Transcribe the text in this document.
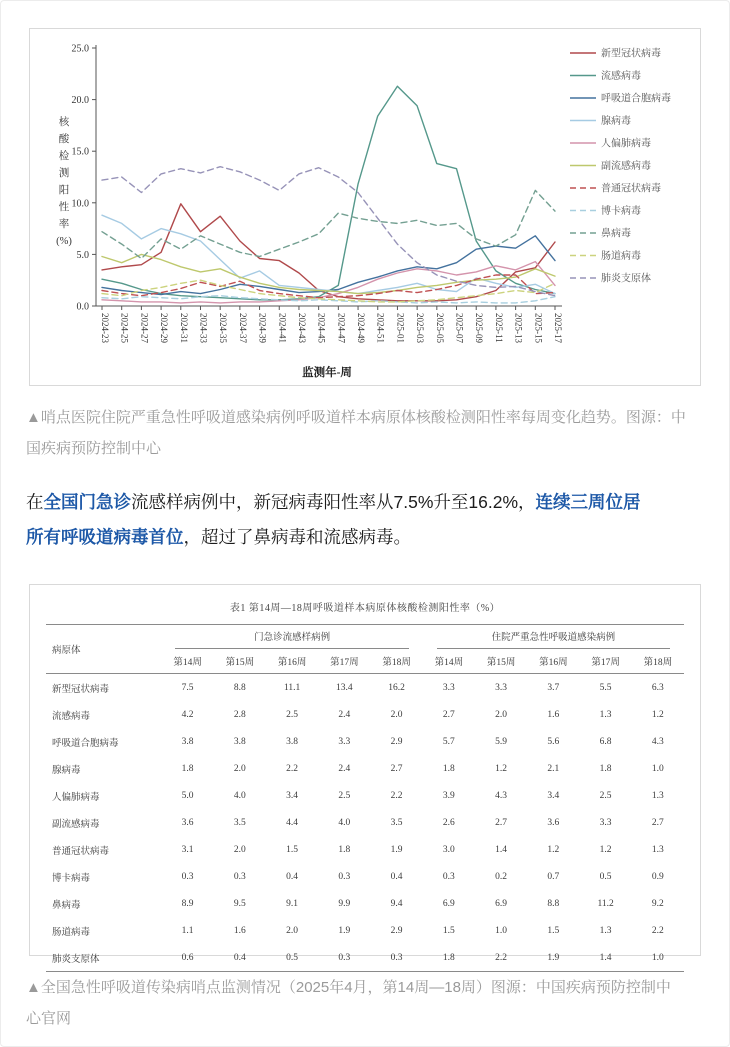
0.0
5.0
10.0
15.0
20.0
25.0
核
酸
检
测
阳
性
率
(%)
2024-23 2024-25 2024-27 2024-29 2024-31 2024-33 2024-35 2024-37 2024-39 2024-41 2024-43 2024-45 2024-47 2024-49 2024-51 2025-01 2025-03 2025-05 2025-07 2025-09 2025-11 2025-13 2025-15 2025-17
监测年-周
新型冠状病毒
流感病毒
呼吸道合胞病毒
腺病毒
人偏肺病毒
副流感病毒
普通冠状病毒
博卡病毒
鼻病毒
肠道病毒
肺炎支原体

▲哨点医院住院严重急性呼吸道感染病例呼吸道样本病原体核酸检测阳性率每周变化趋势。图源：中
国疾病预防控制中心

在全国门急诊流感样病例中，新冠病毒阳性率从7.5%升至16.2%，连续三周位居
所有呼吸道病毒首位，超过了鼻病毒和流感病毒。

表1 第14周—18周呼吸道样本病原体核酸检测阳性率（%）
病原体	门急诊流感样病例					住院严重急性呼吸道感染病例				

	第14周	第15周	第16周	第17周	第18周	第14周	第15周	第16周	第17周	第18周
新型冠状病毒	7.5	8.8	11.1	13.4	16.2	3.3	3.3	3.7	5.5	6.3
流感病毒	4.2	2.8	2.5	2.4	2.0	2.7	2.0	1.6	1.3	1.2
呼吸道合胞病毒	3.8	3.8	3.8	3.3	2.9	5.7	5.9	5.6	6.8	4.3
腺病毒	1.8	2.0	2.2	2.4	2.7	1.8	1.2	2.1	1.8	1.0
人偏肺病毒	5.0	4.0	3.4	2.5	2.2	3.9	4.3	3.4	2.5	1.3
副流感病毒	3.6	3.5	4.4	4.0	3.5	2.6	2.7	3.6	3.3	2.7
普通冠状病毒	3.1	2.0	1.5	1.8	1.9	3.0	1.4	1.2	1.2	1.3
博卡病毒	0.3	0.3	0.4	0.3	0.4	0.3	0.2	0.7	0.5	0.9
鼻病毒	8.9	9.5	9.1	9.9	9.4	6.9	6.9	8.8	11.2	9.2
肠道病毒	1.1	1.6	2.0	1.9	2.9	1.5	1.0	1.5	1.3	2.2
肺炎支原体	0.6	0.4	0.5	0.3	0.3	1.8	2.2	1.9	1.4	1.0

▲全国急性呼吸道传染病哨点监测情况（2025年4月，第14周—18周）图源：中国疾病预防控制中
心官网
